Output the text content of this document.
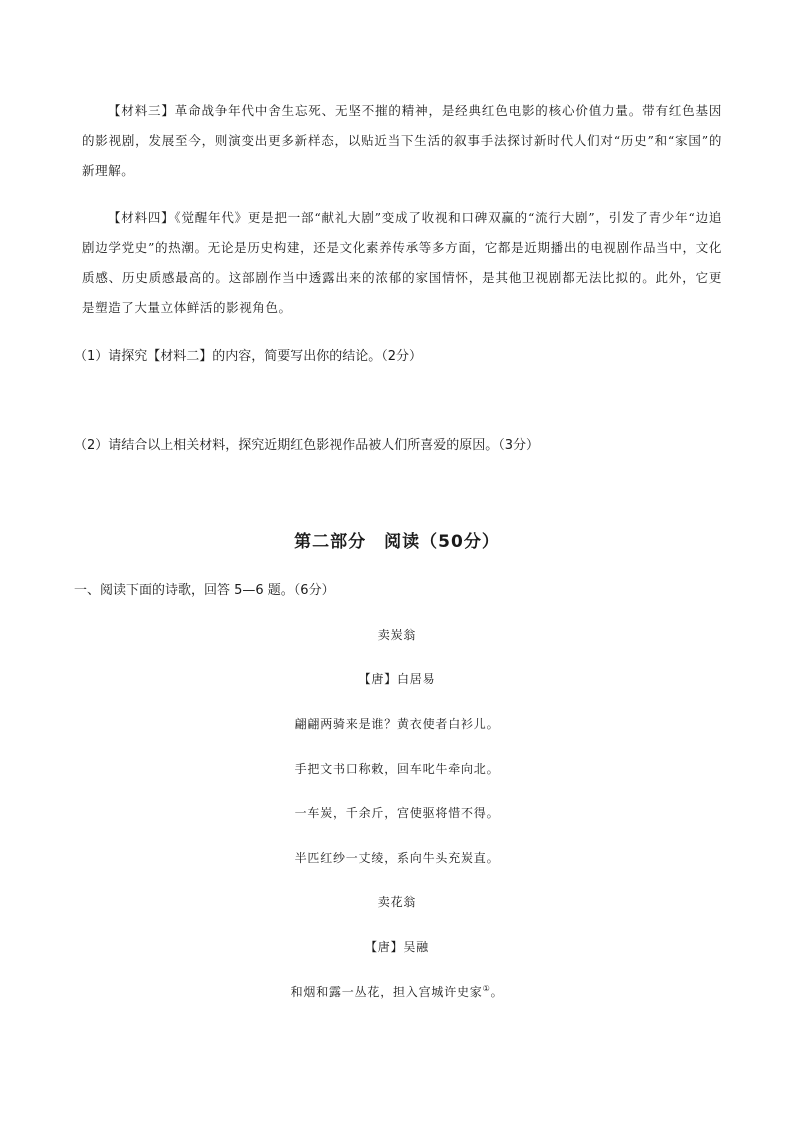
【材料三】革命战争年代中舍生忘死、无坚不摧的精神，是经典红色电影的核心价值力量。带有红色基因的影视剧，发展至今，则演变出更多新样态，以贴近当下生活的叙事手法探讨新时代人们对“历史”和“家国”的新理解。
【材料四】《觉醒年代》更是把一部“献礼大剧”变成了收视和口碑双赢的“流行大剧”，引发了青少年“边追剧边学党史”的热潮。无论是历史构建，还是文化素养传承等多方面，它都是近期播出的电视剧作品当中，文化质感、历史质感最高的。这部剧作当中透露出来的浓郁的家国情怀，是其他卫视剧都无法比拟的。此外，它更是塑造了大量立体鲜活的影视角色。
（1）请探究【材料二】的内容，简要写出你的结论。（2分）
（2）请结合以上相关材料，探究近期红色影视作品被人们所喜爱的原因。（3分）
第二部分　阅读（50分）
一、阅读下面的诗歌，回答 5—6 题。（6分）
卖炭翁
【唐】白居易
翩翩两骑来是谁？黄衣使者白衫儿。
手把文书口称敕，回车叱牛牵向北。
一车炭，千余斤，宫使驱将惜不得。
半匹红纱一丈绫，系向牛头充炭直。
卖花翁
【唐】吴融
和烟和露一丛花，担入宫城许史家①。
